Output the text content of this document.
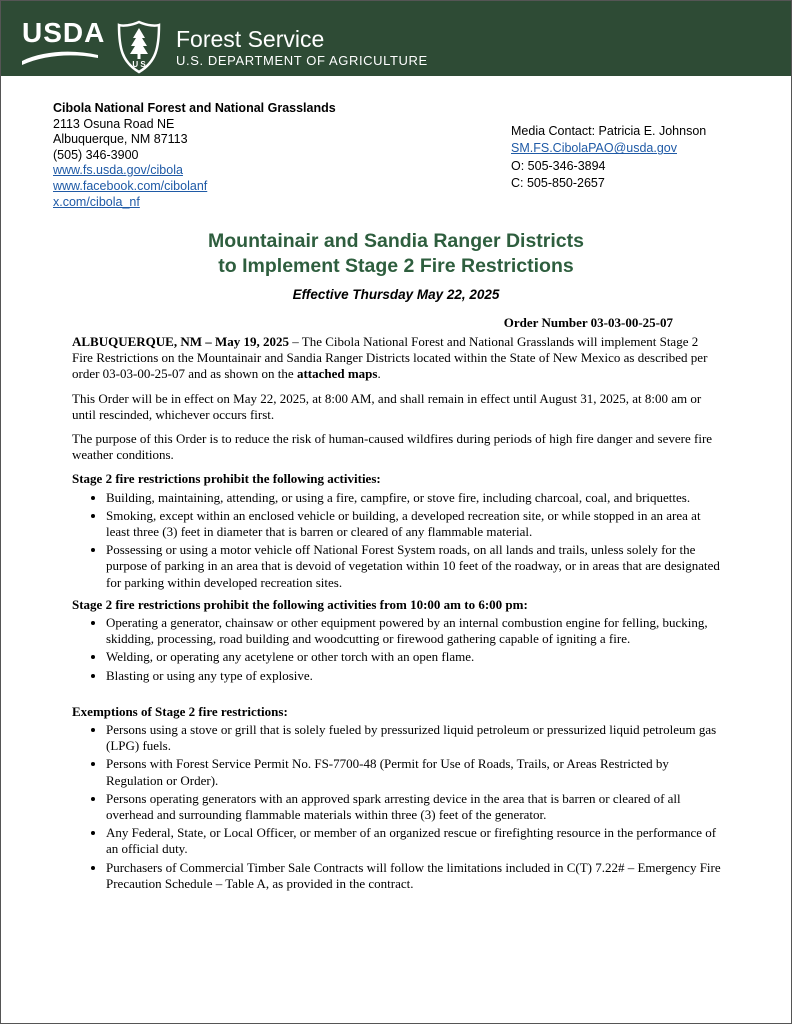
USDA
U S
Forest Service
U.S. DEPARTMENT OF AGRICULTURE
Cibola National Forest and National Grasslands
2113 Osuna Road NE
Albuquerque, NM 87113
(505) 346-3900
www.fs.usda.gov/cibola
www.facebook.com/cibolanf
x.com/cibola_nf
Media Contact: Patricia E. Johnson
SM.FS.CibolaPAO@usda.gov
O: 505-346-3894
C: 505-850-2657
Mountainair and Sandia Ranger Districts
to Implement Stage 2 Fire Restrictions
Effective Thursday May 22, 2025
Order Number 03-03-00-25-07

ALBUQUERQUE, NM – May 19, 2025 – The Cibola National Forest and National Grasslands will implement Stage 2 Fire Restrictions on the Mountainair and Sandia Ranger Districts located within the State of New Mexico as described per order 03-03-00-25-07 and as shown on the attached maps.

This Order will be in effect on May 22, 2025, at 8:00 AM, and shall remain in effect until August 31, 2025, at 8:00 am or until rescinded, whichever occurs first.

The purpose of this Order is to reduce the risk of human-caused wildfires during periods of high fire danger and severe fire weather conditions.

Stage 2 fire restrictions prohibit the following activities:
• Building, maintaining, attending, or using a fire, campfire, or stove fire, including charcoal, coal, and briquettes.
• Smoking, except within an enclosed vehicle or building, a developed recreation site, or while stopped in an area at least three (3) feet in diameter that is barren or cleared of any flammable material.
• Possessing or using a motor vehicle off National Forest System roads, on all lands and trails, unless solely for the purpose of parking in an area that is devoid of vegetation within 10 feet of the roadway, or in areas that are designated for parking within developed recreation sites.
Stage 2 fire restrictions prohibit the following activities from 10:00 am to 6:00 pm:
• Operating a generator, chainsaw or other equipment powered by an internal combustion engine for felling, bucking, skidding, processing, road building and woodcutting or firewood gathering capable of igniting a fire.
• Welding, or operating any acetylene or other torch with an open flame.
• Blasting or using any type of explosive.
Exemptions of Stage 2 fire restrictions:
• Persons using a stove or grill that is solely fueled by pressurized liquid petroleum or pressurized liquid petroleum gas (LPG) fuels.
• Persons with Forest Service Permit No. FS-7700-48 (Permit for Use of Roads, Trails, or Areas Restricted by Regulation or Order).
• Persons operating generators with an approved spark arresting device in the area that is barren or cleared of all overhead and surrounding flammable materials within three (3) feet of the generator.
• Any Federal, State, or Local Officer, or member of an organized rescue or firefighting resource in the performance of an official duty.
• Purchasers of Commercial Timber Sale Contracts will follow the limitations included in C(T) 7.22# – Emergency Fire Precaution Schedule – Table A, as provided in the contract.
